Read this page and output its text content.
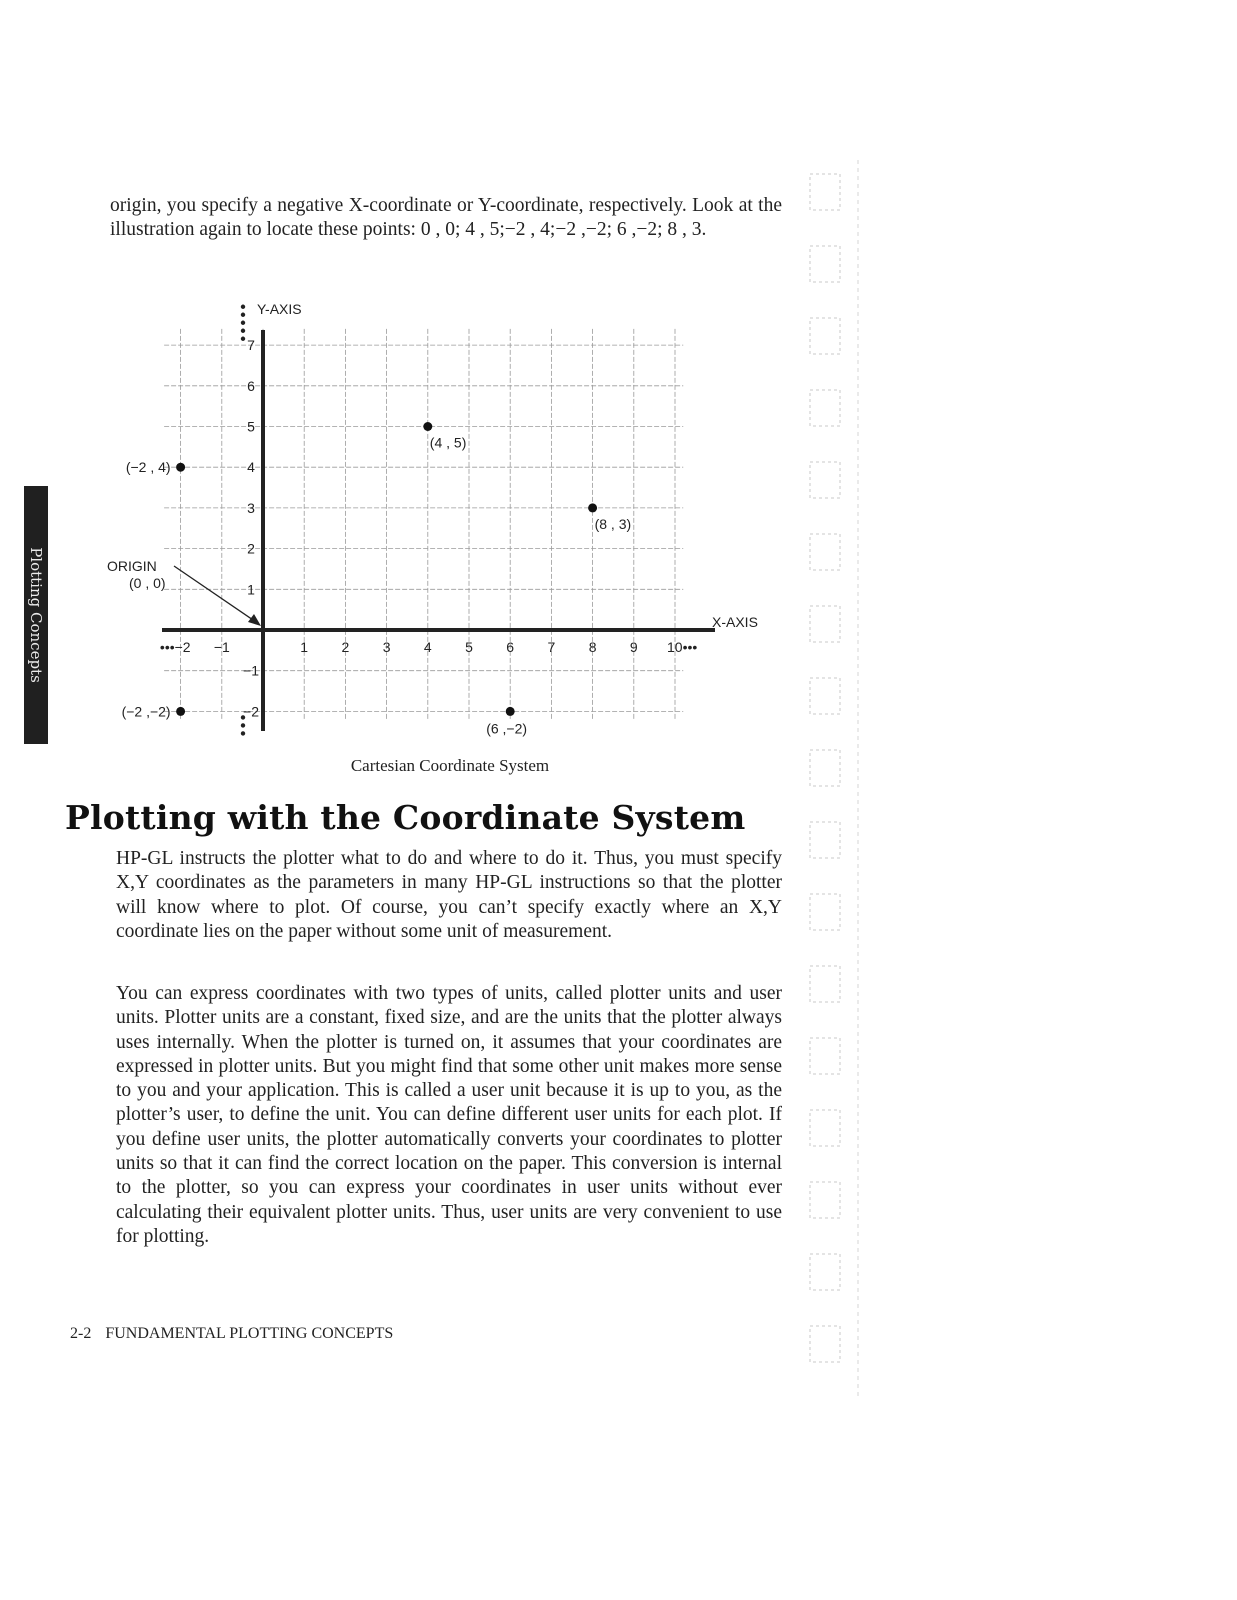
Plotting Concepts

origin, you specify a negative X-coordinate or Y-coordinate, respectively. Look at the illustration again to locate these points: 0 , 0; 4 , 5;−2 , 4;−2 ,−2; 6 ,−2; 8 , 3.

Y-AXIS
X-AXIS
•••−2 −1	1 2 3 4 5 6 7 8 9 10•••
7
6
5
4
3
2
1
−1
−2
(4 , 5)
(−2 , 4)
(8 , 3)
(−2 ,−2)
(6 ,−2)
ORIGIN
(0 , 0)
Cartesian Coordinate System
Plotting with the Coordinate System

HP-GL instructs the plotter what to do and where to do it. Thus, you must specify X,Y coordinates as the parameters in many HP-GL instructions so that the plotter will know where to plot. Of course, you can’t specify exactly where an X,Y coordinate lies on the paper without some unit of measurement.

You can express coordinates with two types of units, called plotter units and user units. Plotter units are a constant, fixed size, and are the units that the plotter always uses internally. When the plotter is turned on, it assumes that your coordinates are expressed in plotter units. But you might find that some other unit makes more sense to you and your application. This is called a user unit because it is up to you, as the plotter’s user, to define the unit. You can define different user units for each plot. If you define user units, the plotter automatically converts your coordinates to plotter units so that it can find the correct location on the paper. This conversion is internal to the plotter, so you can express your coordinates in user units without ever calculating their equivalent plotter units. Thus, user units are very convenient to use for plotting.

2-2 FUNDAMENTAL PLOTTING CONCEPTS
